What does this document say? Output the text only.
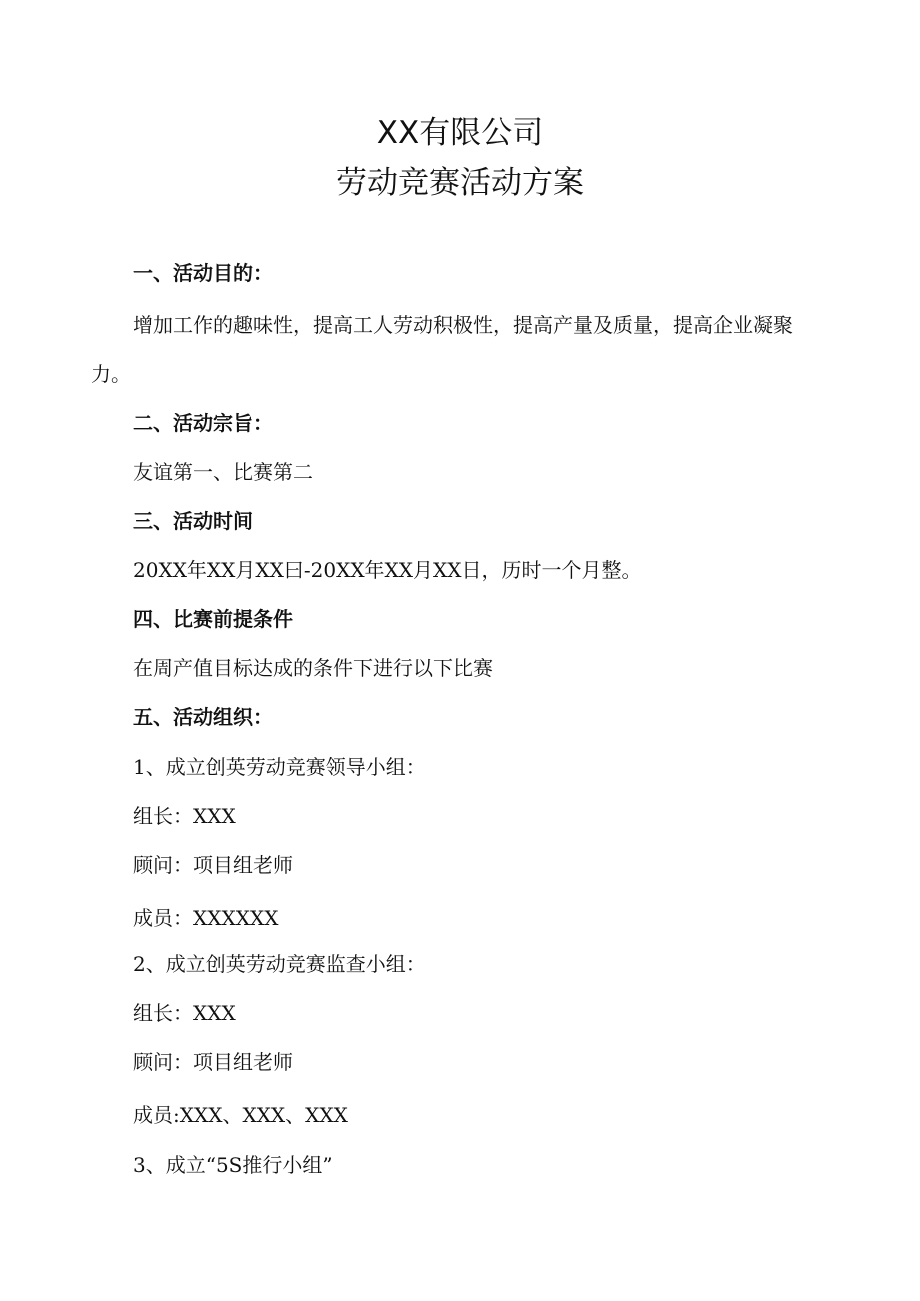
XX有限公司
劳动竞赛活动方案
一、活动目的：
增加工作的趣味性，提高工人劳动积极性，提高产量及质量，提高企业凝聚
力。
二、活动宗旨：
友谊第一、比赛第二
三、活动时间
20XX年XX月XX曰-20XX年XX月XX日，历时一个月整。
四、比赛前提条件
在周产值目标达成的条件下进行以下比赛
五、活动组织：
1、成立创英劳动竞赛领导小组：
组长：XXX
顾问：项目组老师
成员：XXXXXX
2、成立创英劳动竞赛监查小组：
组长：XXX
顾问：项目组老师
成员:XXX、XXX、XXX
3、成立“5S推行小组”
